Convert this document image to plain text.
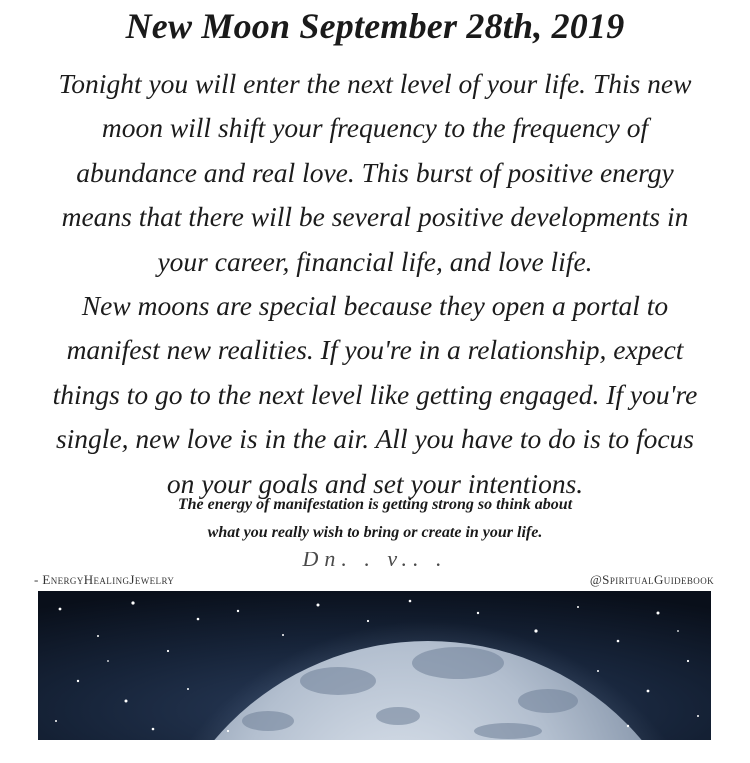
New Moon September 28th, 2019
Tonight you will enter the next level of your life. This new
moon will shift your frequency to the frequency of
abundance and real love. This burst of positive energy
means that there will be several positive developments in
your career, financial life, and love life.
New moons are special because they open a portal to
manifest new realities. If you're in a relationship, expect
things to go to the next level like getting engaged. If you're
single, new love is in the air. All you have to do is to focus
on your goals and set your intentions.
The energy of manifestation is getting strong so think about
what you really wish to bring or create in your life.
Dn. . v.. .
- EnergyHealingJewelry	@SpiritualGuidebook
